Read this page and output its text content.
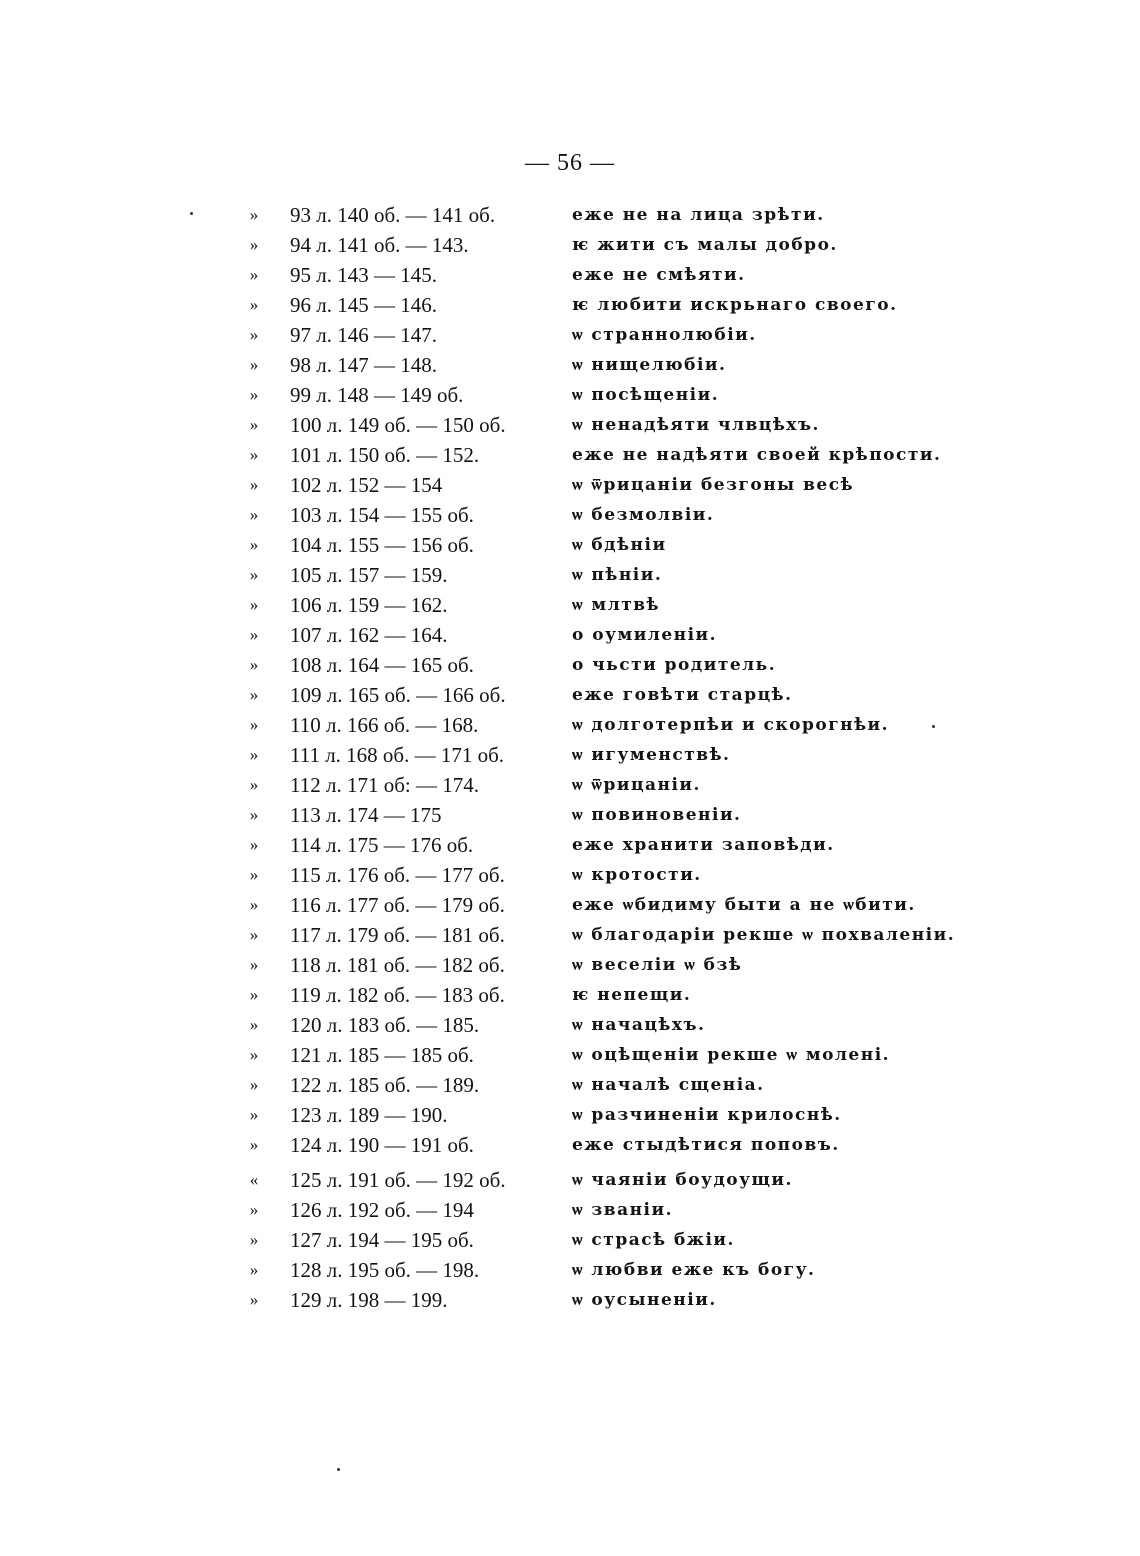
— 56 —
» 93 л. 140 об. — 141 об.	еже не на лица зрѣти.
» 94 л. 141 об. — 143.	ѥ жити съ малы добро.
» 95 л. 143 — 145.	еже не смѣяти.
» 96 л. 145 — 146.	ѥ любити искрьнаго своего.
» 97 л. 146 — 147.	ѡ страннолюбіи.
» 98 л. 147 — 148.	ѡ нищелюбіи.
» 99 л. 148 — 149 об.	ѡ посѣщеніи.
» 100 л. 149 об. — 150 об.	ѡ ненадѣяти члвцѣхъ.
» 101 л. 150 об. — 152.	еже не надѣяти своей крѣпости.
» 102 л. 152 — 154	ѡ ѿрицаніи безгоны весѣ
» 103 л. 154 — 155 об.	ѡ безмолвіи.
» 104 л. 155 — 156 об.	ѡ бдѣніи
» 105 л. 157 — 159.	ѡ пѣніи.
» 106 л. 159 — 162.	ѡ млтвѣ
» 107 л. 162 — 164.	о оумиленіи.
» 108 л. 164 — 165 об.	о чьсти родитель.
» 109 л. 165 об. — 166 об.	еже говѣти старцѣ.
» 110 л. 166 об. — 168.	ѡ долготерпѣи и скорогнѣи.
» 111 л. 168 об. — 171 об.	ѡ игуменствѣ.
» 112 л. 171 об: — 174.	ѡ ѿрицаніи.
» 113 л. 174 — 175	ѡ повиновеніи.
» 114 л. 175 — 176 об.	еже хранити заповѣди.
» 115 л. 176 об. — 177 об.	ѡ кротости.
» 116 л. 177 об. — 179 об.	еже ѡбидиму быти а не ѡбити.
» 117 л. 179 об. — 181 об.	ѡ благодаріи рекше ѡ похваленіи.
» 118 л. 181 об. — 182 об.	ѡ веселіи ѡ бзѣ
» 119 л. 182 об. — 183 об.	ѥ непещи.
» 120 л. 183 об. — 185.	ѡ начацѣхъ.
» 121 л. 185 — 185 об.	ѡ оцѣщеніи рекше ѡ молені.
» 122 л. 185 об. — 189.	ѡ началѣ сщеніа.
» 123 л. 189 — 190.	ѡ разчиненіи крилоснѣ.
» 124 л. 190 — 191 об.	еже стыдѣтися поповъ.
« 125 л. 191 об. — 192 об.	ѡ чаяніи боудоущи.
» 126 л. 192 об. — 194	ѡ званіи.
» 127 л. 194 — 195 об.	ѡ страсѣ бжіи.
» 128 л. 195 об. — 198.	ѡ любви еже къ богу.
» 129 л. 198 — 199.	ѡ оусыненіи.
